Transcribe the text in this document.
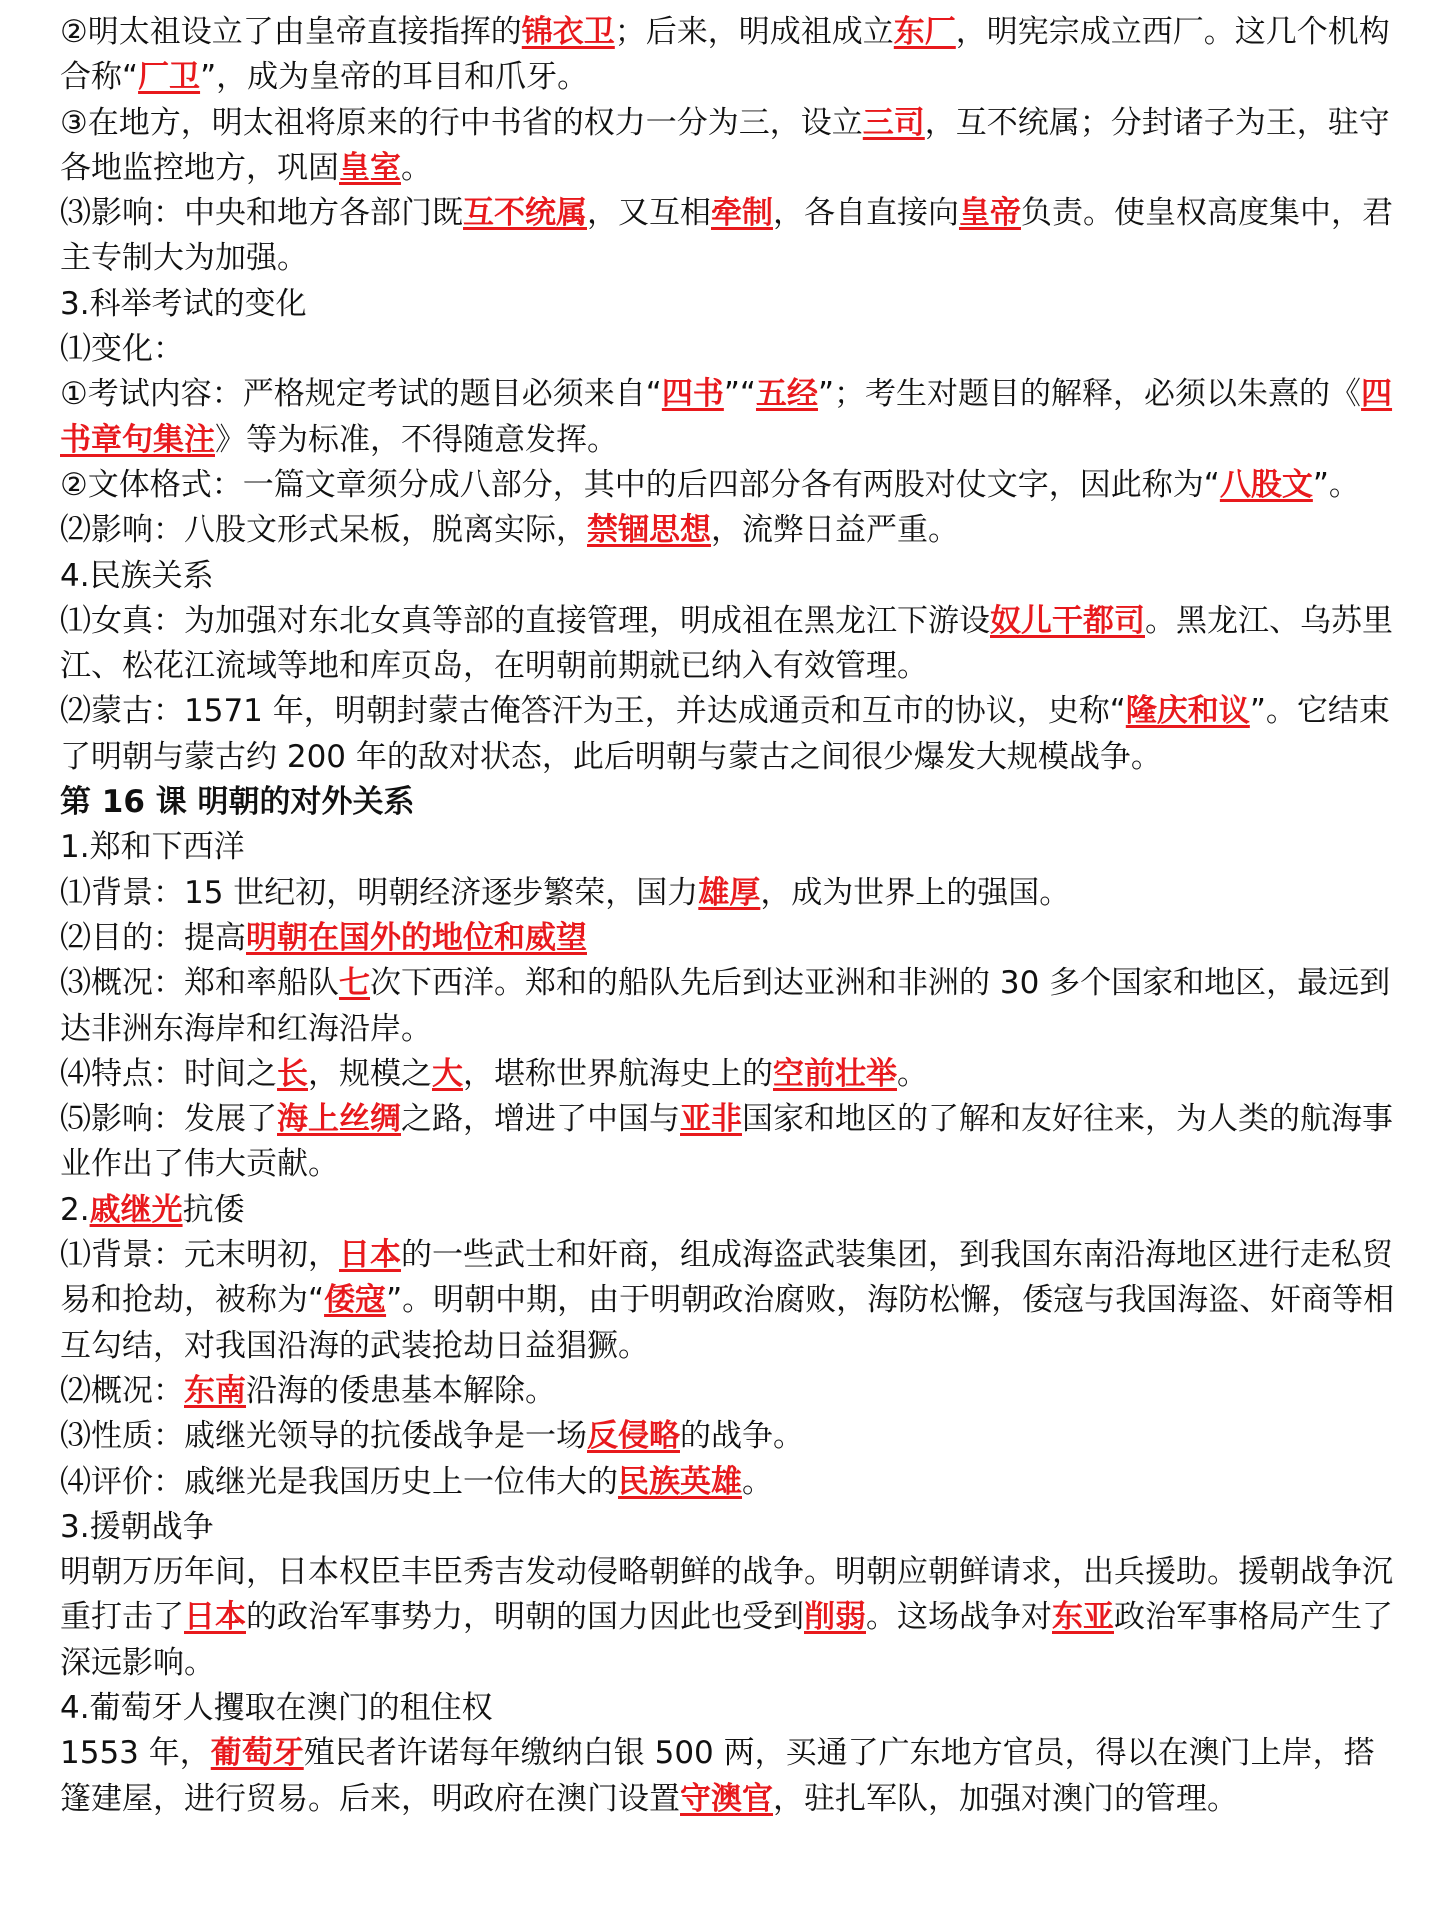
②明太祖设立了由皇帝直接指挥的锦衣卫；后来，明成祖成立东厂，明宪宗成立西厂。这几个机构合称“厂卫”，成为皇帝的耳目和爪牙。

③在地方，明太祖将原来的行中书省的权力一分为三，设立三司，互不统属；分封诸子为王，驻守各地监控地方，巩固皇室。

⑶影响：中央和地方各部门既互不统属，又互相牵制，各自直接向皇帝负责。使皇权高度集中，君主专制大为加强。

3.科举考试的变化

⑴变化：

①考试内容：严格规定考试的题目必须来自“四书”“五经”；考生对题目的解释，必须以朱熹的《四书章句集注》等为标准，不得随意发挥。

②文体格式：一篇文章须分成八部分，其中的后四部分各有两股对仗文字，因此称为“八股文”。

⑵影响：八股文形式呆板，脱离实际，禁锢思想，流弊日益严重。

4.民族关系

⑴女真：为加强对东北女真等部的直接管理，明成祖在黑龙江下游设奴儿干都司。黑龙江、乌苏里江、松花江流域等地和库页岛，在明朝前期就已纳入有效管理。

⑵蒙古：1571 年，明朝封蒙古俺答汗为王，并达成通贡和互市的协议，史称“隆庆和议”。它结束了明朝与蒙古约 200 年的敌对状态，此后明朝与蒙古之间很少爆发大规模战争。

第 16 课 明朝的对外关系

1.郑和下西洋

⑴背景：15 世纪初，明朝经济逐步繁荣，国力雄厚，成为世界上的强国。

⑵目的：提高明朝在国外的地位和威望

⑶概况：郑和率船队七次下西洋。郑和的船队先后到达亚洲和非洲的 30 多个国家和地区，最远到达非洲东海岸和红海沿岸。

⑷特点：时间之长，规模之大，堪称世界航海史上的空前壮举。

⑸影响：发展了海上丝绸之路，增进了中国与亚非国家和地区的了解和友好往来，为人类的航海事业作出了伟大贡献。

2.戚继光抗倭

⑴背景：元末明初，日本的一些武士和奸商，组成海盗武装集团，到我国东南沿海地区进行走私贸易和抢劫，被称为“倭寇”。明朝中期，由于明朝政治腐败，海防松懈，倭寇与我国海盗、奸商等相互勾结，对我国沿海的武装抢劫日益猖獗。

⑵概况：东南沿海的倭患基本解除。

⑶性质：戚继光领导的抗倭战争是一场反侵略的战争。

⑷评价：戚继光是我国历史上一位伟大的民族英雄。

3.援朝战争

明朝万历年间，日本权臣丰臣秀吉发动侵略朝鲜的战争。明朝应朝鲜请求，出兵援助。援朝战争沉重打击了日本的政治军事势力，明朝的国力因此也受到削弱。这场战争对东亚政治军事格局产生了深远影响。

4.葡萄牙人攫取在澳门的租住权

1553 年，葡萄牙殖民者许诺每年缴纳白银 500 两，买通了广东地方官员，得以在澳门上岸，搭篷建屋，进行贸易。后来，明政府在澳门设置守澳官，驻扎军队，加强对澳门的管理。
